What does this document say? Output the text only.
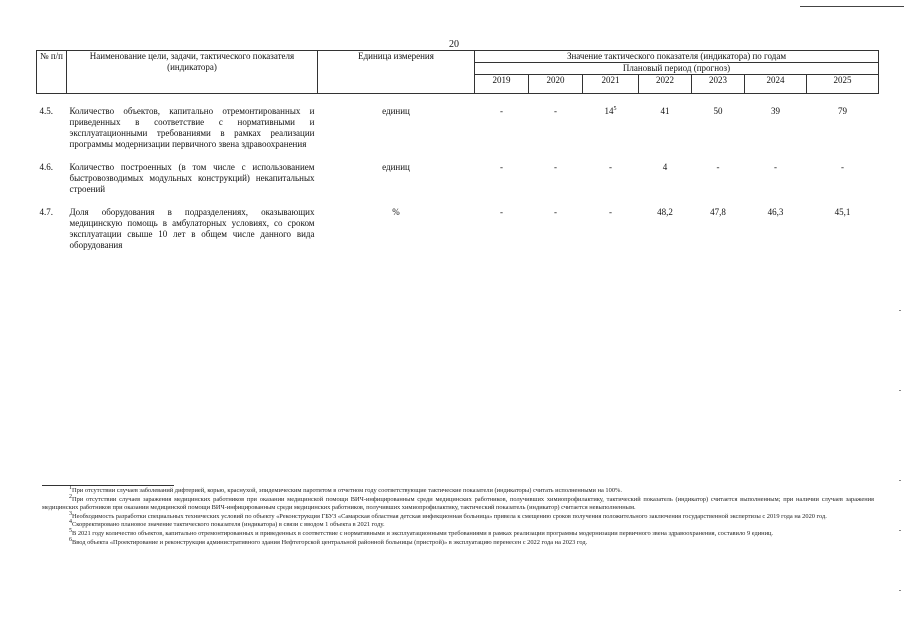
20
№ п/п	Наименование цели, задачи, тактического показателя (индикатора)	Единица измерения	Значение тактического показателя (индикатора) по годам						
			Плановый период (прогноз)						
			2019	2020	2021	2022	2023	2024	2025

4.5.	Количество объектов, капитально отремонтированных и приведенных в соответствие с нормативными и эксплуатационными требованиями в рамках реализации программы модернизации первичного звена здравоохранения	единиц	-	-	$14^5$	41	50	39	79

4.6.	Количество построенных (в том числе с использованием быстровозводимых модульных конструкций) некапитальных строений	единиц	-	-	-	4	-	-	-

4.7.	Доля оборудования в подразделениях, оказывающих медицинскую помощь в амбулаторных условиях, со сроком эксплуатации свыше 10 лет в общем числе данного вида оборудования	%	-	-	-	48,2	47,8	46,3	45,1

$^1$При отсутствии случаев заболеваний дифтерией, корью, краснухой, эпидемическим паротитом в отчетном году соответствующие тактические показатели (индикаторы) считать исполненными на 100%.

$^2$При отсутствии случаев заражения медицинских работников при оказании медицинской помощи ВИЧ-инфицированным среди медицинских работников, получивших химиопрофилактику, тактический показатель (индикатор) считается выполненным; при наличии случаев заражения медицинских работников при оказании медицинской помощи ВИЧ-инфицированным среди медицинских работников, получивших химиопрофилактику, тактический показатель (индикатор) считается невыполненным.

$^3$Необходимость разработки специальных технических условий по объекту «Реконструкция ГБУЗ «Самарская областная детская инфекционная больница» привела к смещению сроков получения положительного заключения государственной экспертизы с 2019 года на 2020 год.

$^4$Скорректировано плановое значение тактического показателя (индикатора) в связи с вводом 1 объекта в 2021 году.

$^5$В 2021 году количество объектов, капитально отремонтированных и приведенных в соответствие с нормативными и эксплуатационными требованиями в рамках реализации программы модернизации первичного звена здравоохранения, составило 9 единиц.

$^6$Ввод объекта «Проектирование и реконструкция административного здания Нефтегорской центральной районной больницы (пристрой)» в эксплуатацию перенесен с 2022 года на 2023 год.
